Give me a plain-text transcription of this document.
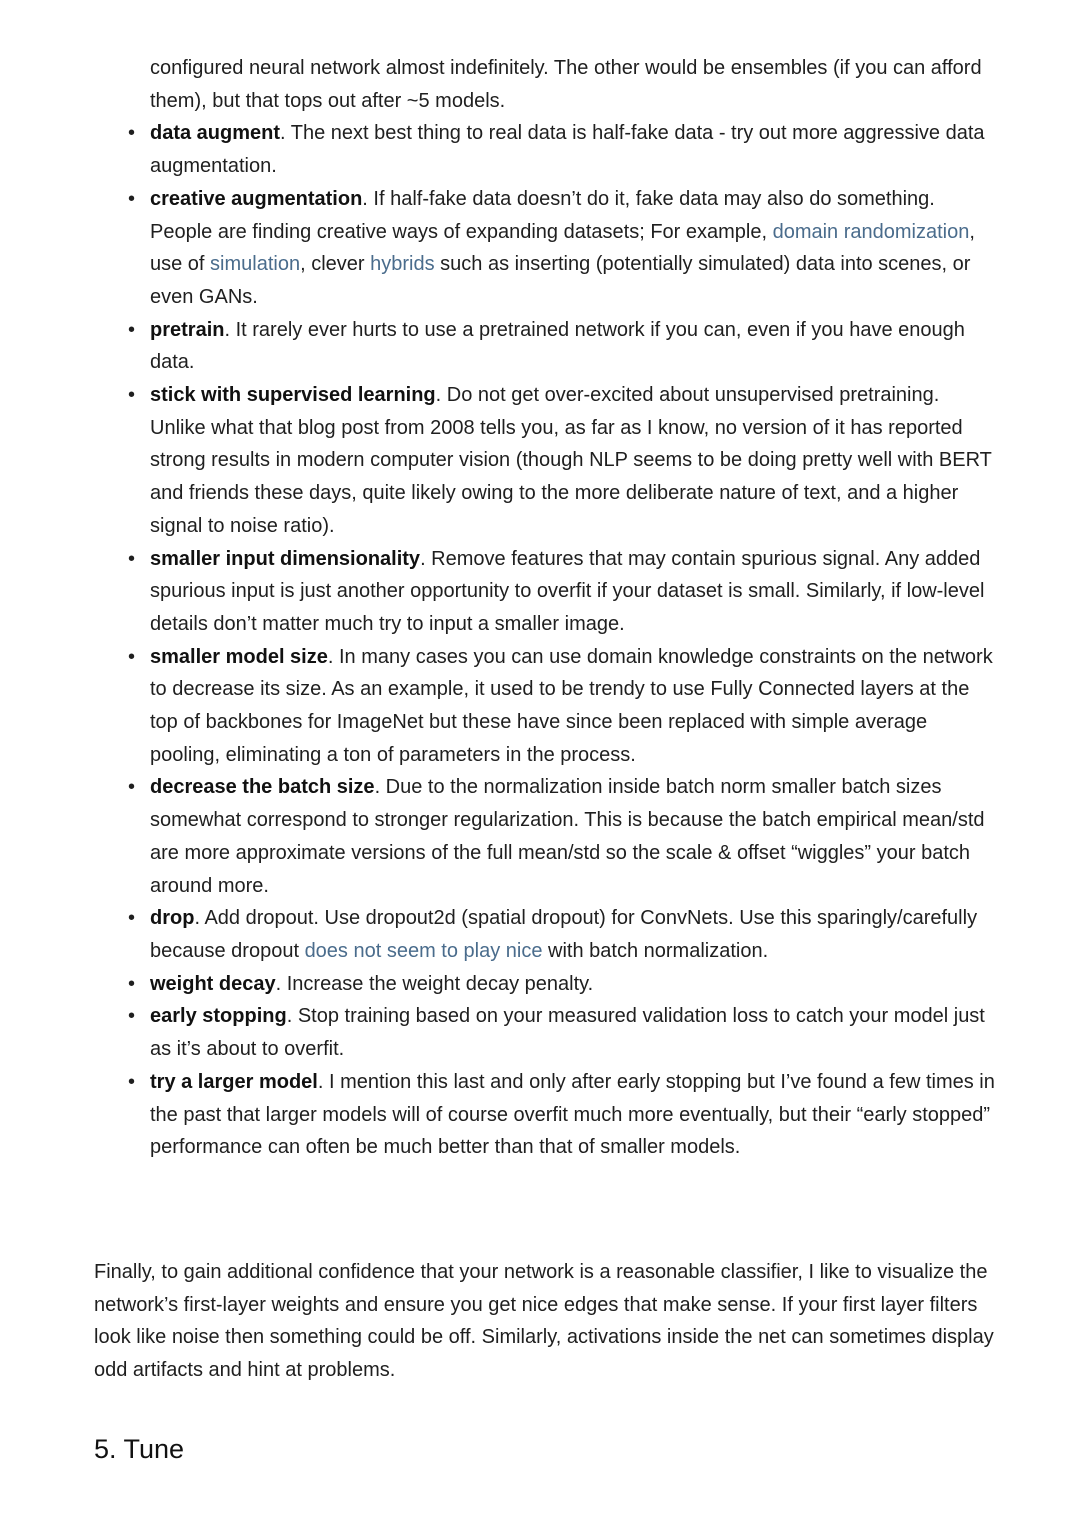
configured neural network almost indefinitely. The other would be ensembles (if you can afford them), but that tops out after ~5 models.
• data augment. The next best thing to real data is half-fake data - try out more aggressive data augmentation.
• creative augmentation. If half-fake data doesn’t do it, fake data may also do something. People are finding creative ways of expanding datasets; For example, domain randomization, use of simulation, clever hybrids such as inserting (potentially simulated) data into scenes, or even GANs.
• pretrain. It rarely ever hurts to use a pretrained network if you can, even if you have enough data.
• stick with supervised learning. Do not get over-excited about unsupervised pretraining. Unlike what that blog post from 2008 tells you, as far as I know, no version of it has reported strong results in modern computer vision (though NLP seems to be doing pretty well with BERT and friends these days, quite likely owing to the more deliberate nature of text, and a higher signal to noise ratio).
• smaller input dimensionality. Remove features that may contain spurious signal. Any added spurious input is just another opportunity to overfit if your dataset is small. Similarly, if low-level details don’t matter much try to input a smaller image.
• smaller model size. In many cases you can use domain knowledge constraints on the network to decrease its size. As an example, it used to be trendy to use Fully Connected layers at the top of backbones for ImageNet but these have since been replaced with simple average pooling, eliminating a ton of parameters in the process.
• decrease the batch size. Due to the normalization inside batch norm smaller batch sizes somewhat correspond to stronger regularization. This is because the batch empirical mean/std are more approximate versions of the full mean/std so the scale & offset “wiggles” your batch around more.
• drop. Add dropout. Use dropout2d (spatial dropout) for ConvNets. Use this sparingly/carefully because dropout does not seem to play nice with batch normalization.
• weight decay. Increase the weight decay penalty.
• early stopping. Stop training based on your measured validation loss to catch your model just as it’s about to overfit.
• try a larger model. I mention this last and only after early stopping but I’ve found a few times in the past that larger models will of course overfit much more eventually, but their “early stopped” performance can often be much better than that of smaller models.

Finally, to gain additional confidence that your network is a reasonable classifier, I like to visualize the network’s first-layer weights and ensure you get nice edges that make sense. If your first layer filters look like noise then something could be off. Similarly, activations inside the net can sometimes display odd artifacts and hint at problems.

5. Tune
